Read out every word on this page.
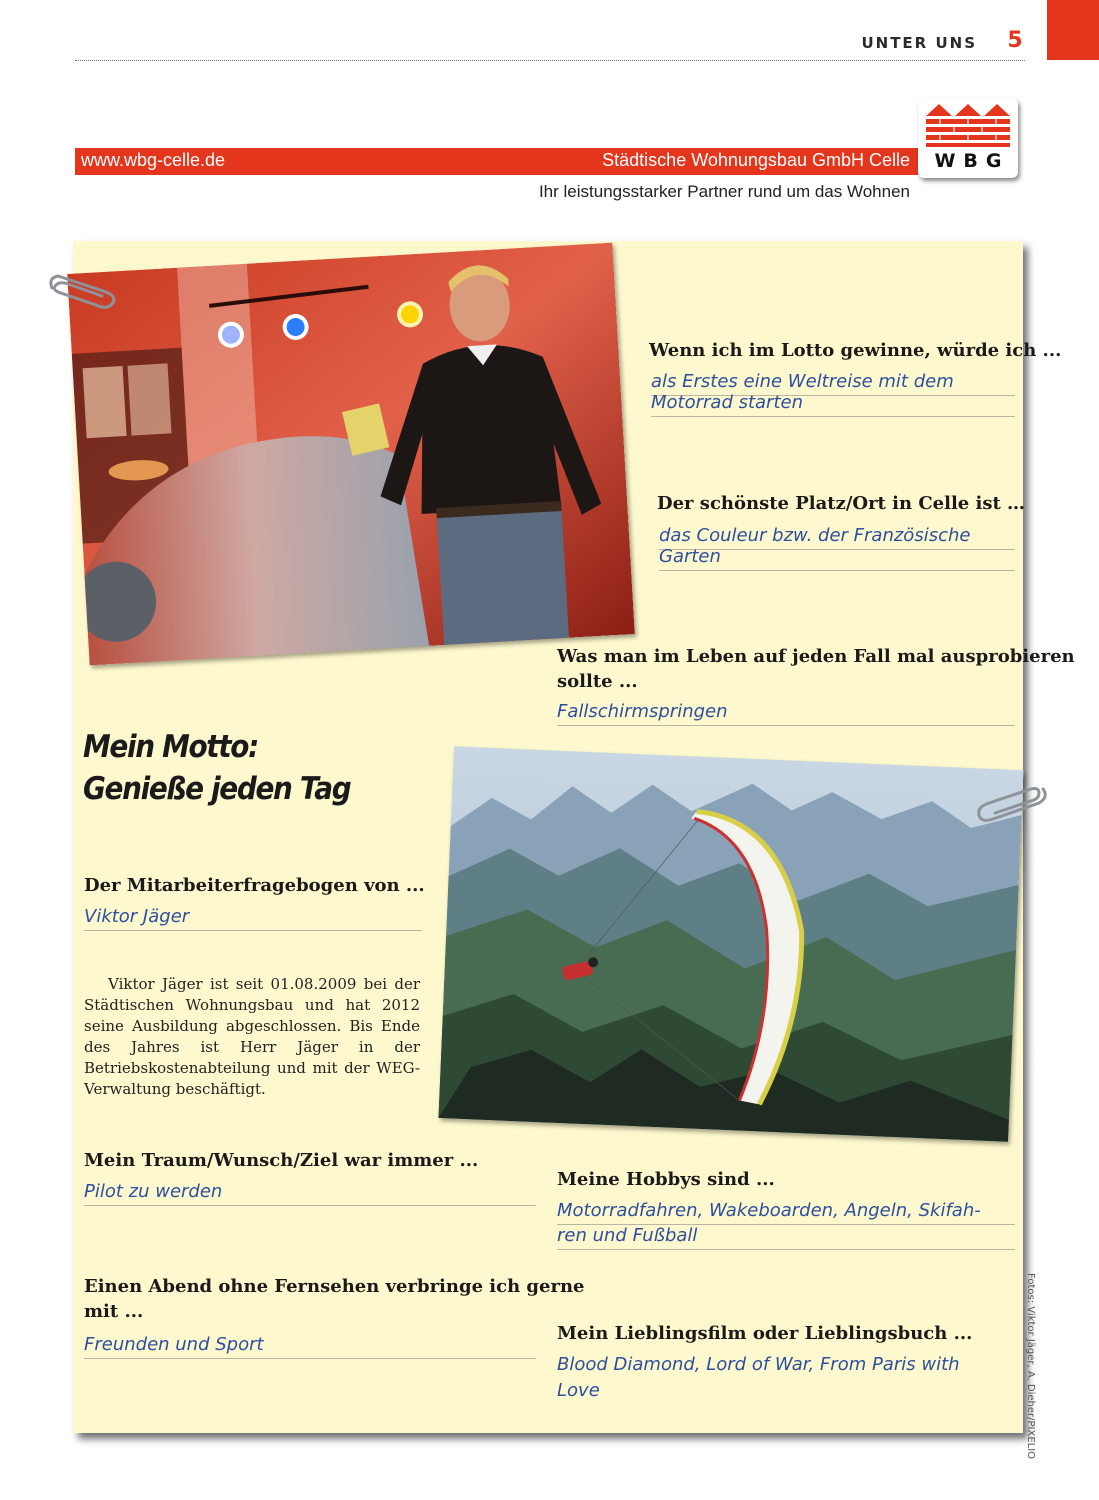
UNTER UNS	5
www.wbg-celle.de	Städtische Wohnungsbau GmbH Celle
Ihr leistungsstarker Partner rund um das Wohnen
WBG
Wenn ich im Lotto gewinne, würde ich ...
als Erstes eine Weltreise mit dem
Motorrad starten
Der schönste Platz/Ort in Celle ist …
das Couleur bzw. der Französische
Garten
Was man im Leben auf jeden Fall mal ausprobieren
sollte ...
Fallschirmspringen
Mein Motto:
Genieße jeden Tag
Der Mitarbeiterfragebogen von ...
Viktor Jäger
Viktor Jäger ist seit 01.08.2009 bei der Städtischen Wohnungsbau und hat 2012 seine Ausbildung abgeschlossen. Bis Ende des Jahres ist Herr Jäger in der Betriebskostenabteilung und mit der WEG-Verwaltung beschäftigt.
Mein Traum/Wunsch/Ziel war immer ...
Pilot zu werden
Einen Abend ohne Fernsehen verbringe ich gerne
mit ...
Freunden und Sport
Meine Hobbys sind ...
Motorradfahren, Wakeboarden, Angeln, Skifah-
ren und Fußball
Mein Lieblingsfilm oder Lieblingsbuch ...
Blood Diamond, Lord of War, From Paris with
Love	Fotos: Viktor Jäger, A. Dieher/PIXELIO
